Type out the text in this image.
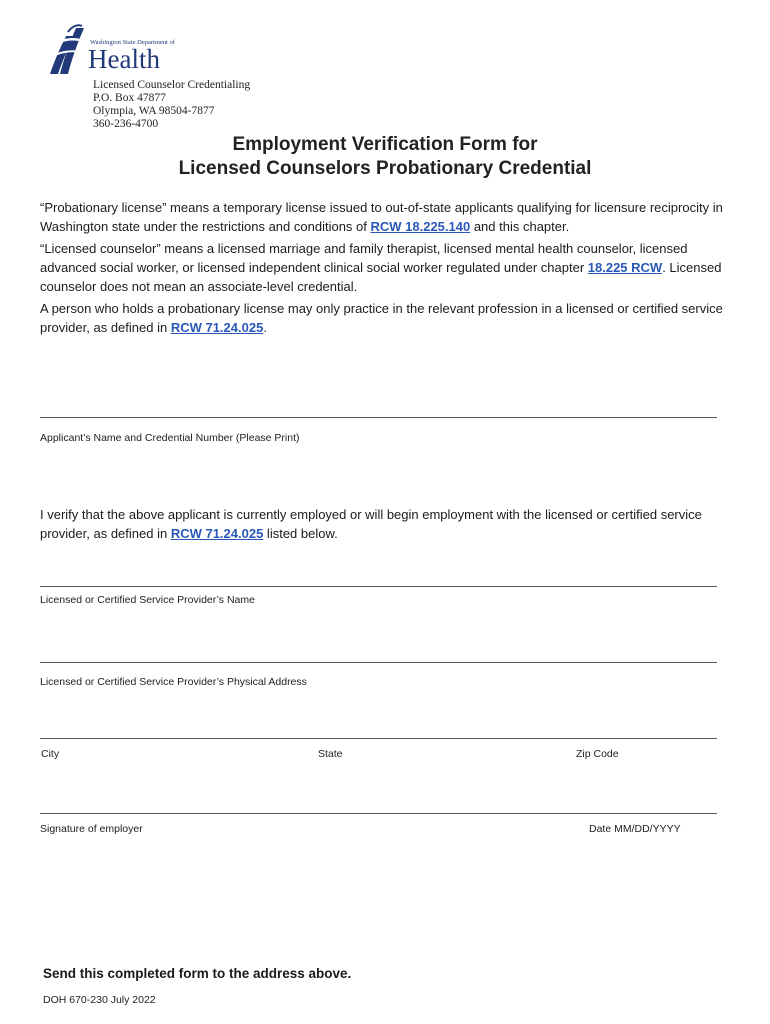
Washington State Department of
Health
Licensed Counselor Credentialing
P.O. Box 47877
Olympia, WA 98504-7877
360-236-4700
Employment Verification Form for
Licensed Counselors Probationary Credential
“Probationary license” means a temporary license issued to out-of-state applicants qualifying for licensure reciprocity in Washington state under the restrictions and conditions of RCW 18.225.140 and this chapter.
“Licensed counselor” means a licensed marriage and family therapist, licensed mental health counselor, licensed advanced social worker, or licensed independent clinical social worker regulated under chapter 18.225 RCW. Licensed counselor does not mean an associate-level credential.
A person who holds a probationary license may only practice in the relevant profession in a licensed or certified service provider, as defined in RCW 71.24.025.
Applicant’s Name and Credential Number (Please Print)
I verify that the above applicant is currently employed or will begin employment with the licensed or certified service provider, as defined in RCW 71.24.025 listed below.
Licensed or Certified Service Provider’s Name
Licensed or Certified Service Provider’s Physical Address
City	State	Zip Code
Signature of employer	Date MM/DD/YYYY
Send this completed form to the address above.
DOH 670-230 July 2022
